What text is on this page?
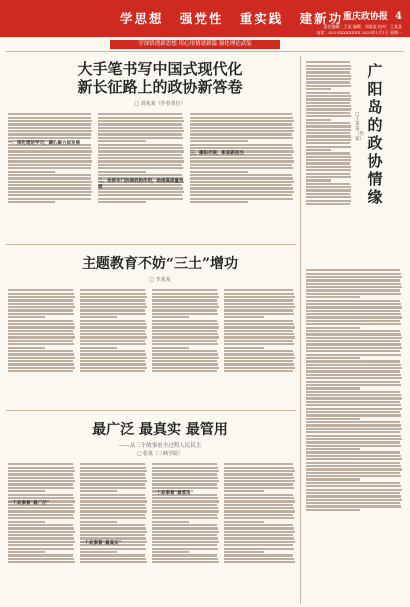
学思想 强党性 重实践 建新功 重庆政协报 4
责任编辑：王某 编辑：刘某某 校对：王某某
电话：023-XXXXXXXX 2023年1月1日 星期一
学深悟透新思想 用心用情谱新篇 强化理论武装
大手笔书写中国式现代化
新长征路上的政协新答卷
□ 刘某某（作者单位）
一、深化理论学习，凝心聚力促发展
二、发挥专门协商机构作用，助推高质量发展
三、履职尽责，彰显新担当
主题教育不妨“三土”增功
□ 李某某
最广泛 最真实 最管用
——从三个故事看全过程人民民主
□ 张某（三峡学院）
一个故事看“最广泛”
一个故事看“最真实”
一个故事看“最管用”
广
阳
岛
的
政
协
情
缘
□ 王某某（作家）
